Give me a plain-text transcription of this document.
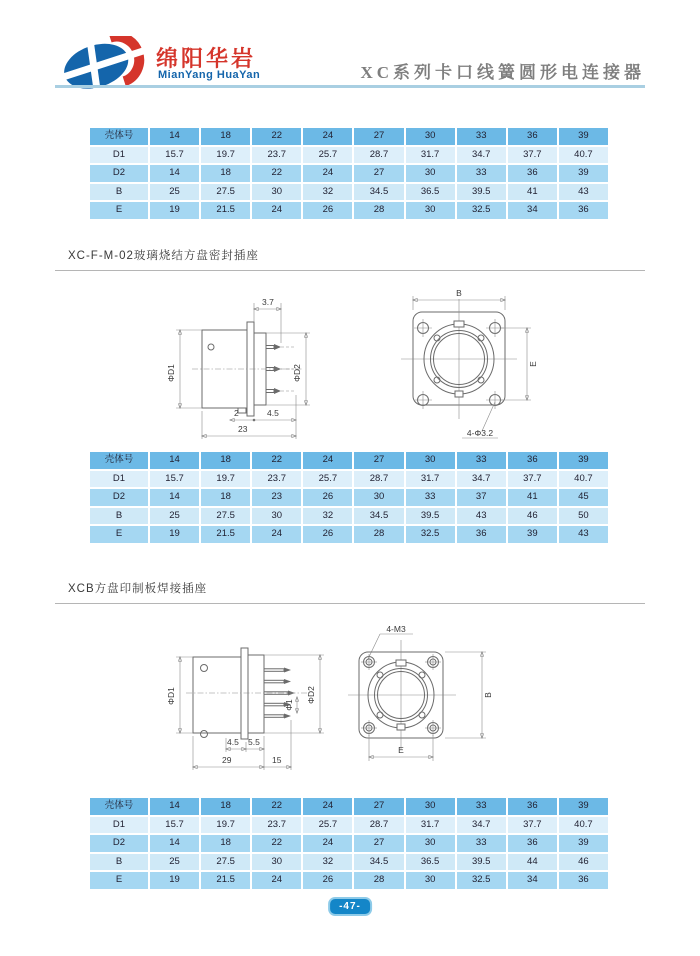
绵阳华岩
MianYang HuaYan	XC系列卡口线簧圆形电连接器
壳体号	14	18	22	24	27	30	33	36	39
D1	15.7	19.7	23.7	25.7	28.7	31.7	34.7	37.7	40.7
D2	14	18	22	24	27	30	33	36	39
B	25	27.5	30	32	34.5	36.5	39.5	41	43
E	19	21.5	24	26	28	30	32.5	34	36
XC-F-M-02玻璃烧结方盘密封插座
ΦD1	ΦD2
3.7
2	4.5
23
B
E
4-Φ3.2
壳体号	14	18	22	24	27	30	33	36	39
D1	15.7	19.7	23.7	25.7	28.7	31.7	34.7	37.7	40.7
D2	14	18	23	26	30	33	37	41	45
B	25	27.5	30	32	34.5	39.5	43	46	50
E	19	21.5	24	26	28	32.5	36	39	43
XCB方盘印制板焊接插座
Φ1
ΦD1	ΦD2
4.5 5.5
29	15
4-M3
B
E
壳体号	14	18	22	24	27	30	33	36	39
D1	15.7	19.7	23.7	25.7	28.7	31.7	34.7	37.7	40.7
D2	14	18	22	24	27	30	33	36	39
B	25	27.5	30	32	34.5	36.5	39.5	44	46
E	19	21.5	24	26	28	30	32.5	34	36
-47-
